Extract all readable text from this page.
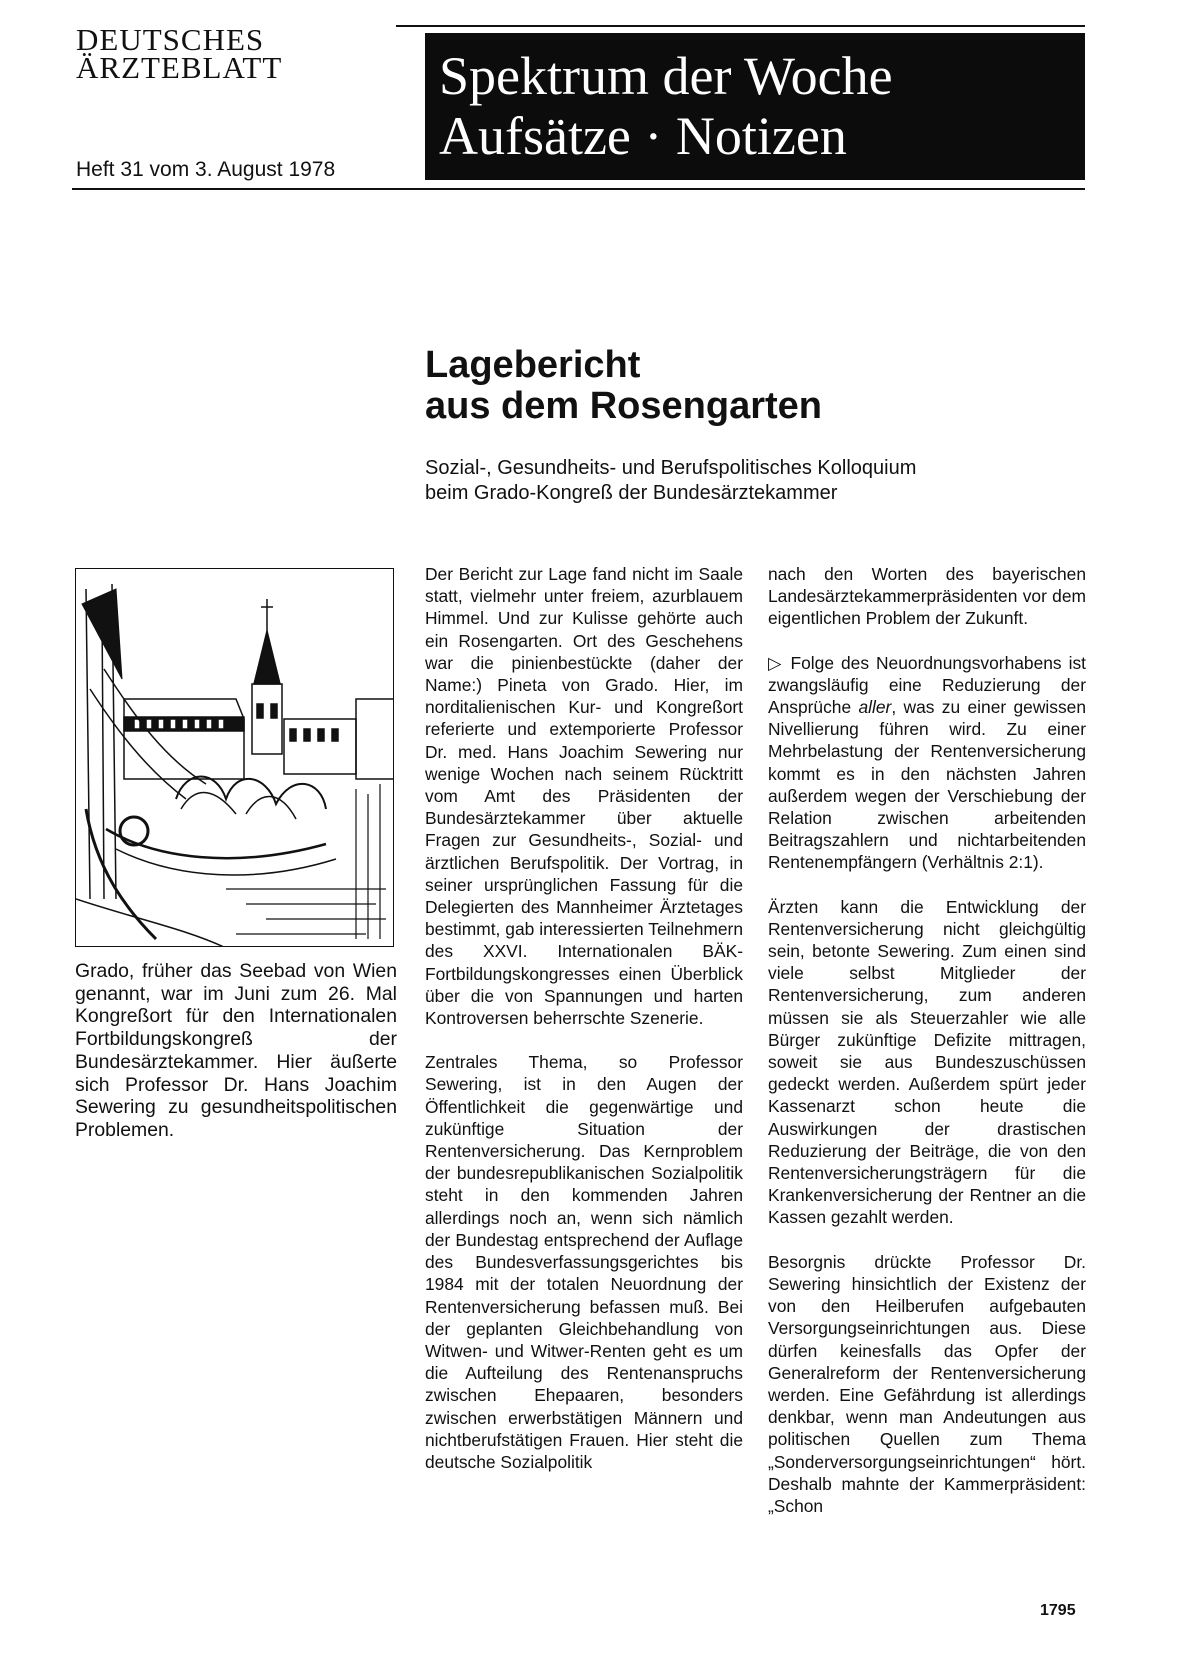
DEUTSCHES
ÄRZTEBLATT
Heft 31 vom 3. August 1978
Spektrum der Woche
Aufsätze · Notizen
Lagebericht
aus dem Rosengarten
Sozial-, Gesundheits- und Berufspolitisches Kolloquium
beim Grado-Kongreß der Bundesärztekammer
Grado, früher das Seebad von Wien genannt, war im Juni zum 26. Mal Kongreßort für den Internationalen Fortbildungskongreß der Bundesärztekammer. Hier äußerte sich Professor Dr. Hans Joachim Sewering zu gesundheitspolitischen Problemen.

Der Bericht zur Lage fand nicht im Saale statt, vielmehr unter freiem, azurblauem Himmel. Und zur Kulisse gehörte auch ein Rosengarten. Ort des Geschehens war die pinienbestückte (daher der Name:) Pineta von Grado. Hier, im norditalienischen Kur- und Kongreßort referierte und extemporierte Professor Dr. med. Hans Joachim Sewering nur wenige Wochen nach seinem Rücktritt vom Amt des Präsidenten der Bundesärztekammer über aktuelle Fragen zur Gesundheits-, Sozial- und ärztlichen Berufspolitik. Der Vortrag, in seiner ursprünglichen Fassung für die Delegierten des Mannheimer Ärztetages bestimmt, gab interessierten Teilnehmern des XXVI. Internationalen BÄK-Fortbildungskongresses einen Überblick über die von Spannungen und harten Kontroversen beherrschte Szenerie.

Zentrales Thema, so Professor Sewering, ist in den Augen der Öffentlichkeit die gegenwärtige und zukünftige Situation der Rentenversicherung. Das Kernproblem der bundesrepublikanischen Sozialpolitik steht in den kommenden Jahren allerdings noch an, wenn sich nämlich der Bundestag entsprechend der Auflage des Bundesverfassungsgerichtes bis 1984 mit der totalen Neuordnung der Rentenversicherung befassen muß. Bei der geplanten Gleichbehandlung von Witwen- und Witwer-Renten geht es um die Aufteilung des Rentenanspruchs zwischen Ehepaaren, besonders zwischen erwerbstätigen Männern und nichtberufstätigen Frauen. Hier steht die deutsche Sozialpolitik

nach den Worten des bayerischen Landesärztekammerpräsidenten vor dem eigentlichen Problem der Zukunft.

▷ Folge des Neuordnungsvorhabens ist zwangsläufig eine Reduzierung der Ansprüche aller, was zu einer gewissen Nivellierung führen wird. Zu einer Mehrbelastung der Rentenversicherung kommt es in den nächsten Jahren außerdem wegen der Verschiebung der Relation zwischen arbeitenden Beitragszahlern und nichtarbeitenden Rentenempfängern (Verhältnis 2:1).

Ärzten kann die Entwicklung der Rentenversicherung nicht gleichgültig sein, betonte Sewering. Zum einen sind viele selbst Mitglieder der Rentenversicherung, zum anderen müssen sie als Steuerzahler wie alle Bürger zukünftige Defizite mittragen, soweit sie aus Bundeszuschüssen gedeckt werden. Außerdem spürt jeder Kassenarzt schon heute die Auswirkungen der drastischen Reduzierung der Beiträge, die von den Rentenversicherungsträgern für die Krankenversicherung der Rentner an die Kassen gezahlt werden.

Besorgnis drückte Professor Dr. Sewering hinsichtlich der Existenz der von den Heilberufen aufgebauten Versorgungseinrichtungen aus. Diese dürfen keinesfalls das Opfer der Generalreform der Rentenversicherung werden. Eine Gefährdung ist allerdings denkbar, wenn man Andeutungen aus politischen Quellen zum Thema „Sonderversorgungseinrichtungen“ hört. Deshalb mahnte der Kammerpräsident: „Schon

1795
